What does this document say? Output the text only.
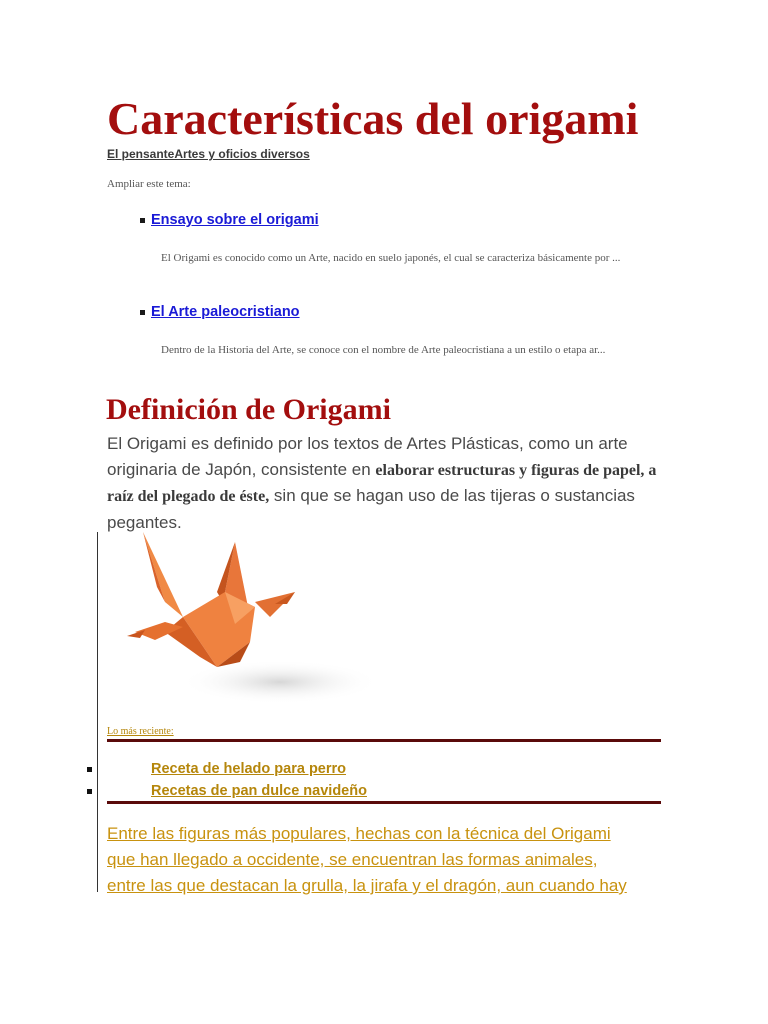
Características del origami
El pensanteArtes y oficios diversos
Ampliar este tema:
Ensayo sobre el origami
El Origami es conocido como un Arte, nacido en suelo japonés, el cual se caracteriza básicamente por ...
El Arte paleocristiano
Dentro de la Historia del Arte, se conoce con el nombre de Arte paleocristiana a un estilo o etapa ar...
Definición de Origami

El Origami es definido por los textos de Artes Plásticas, como un arte originaria de Japón, consistente en elaborar estructuras y figuras de papel, a raíz del plegado de éste, sin que se hagan uso de las tijeras o sustancias pegantes.

Lo más reciente:
Receta de helado para perro
Recetas de pan dulce navideño
Entre las figuras más populares, hechas con la técnica del Origami
que han llegado a occidente, se encuentran las formas animales,
entre las que destacan la grulla, la jirafa y el dragón, aun cuando hay
